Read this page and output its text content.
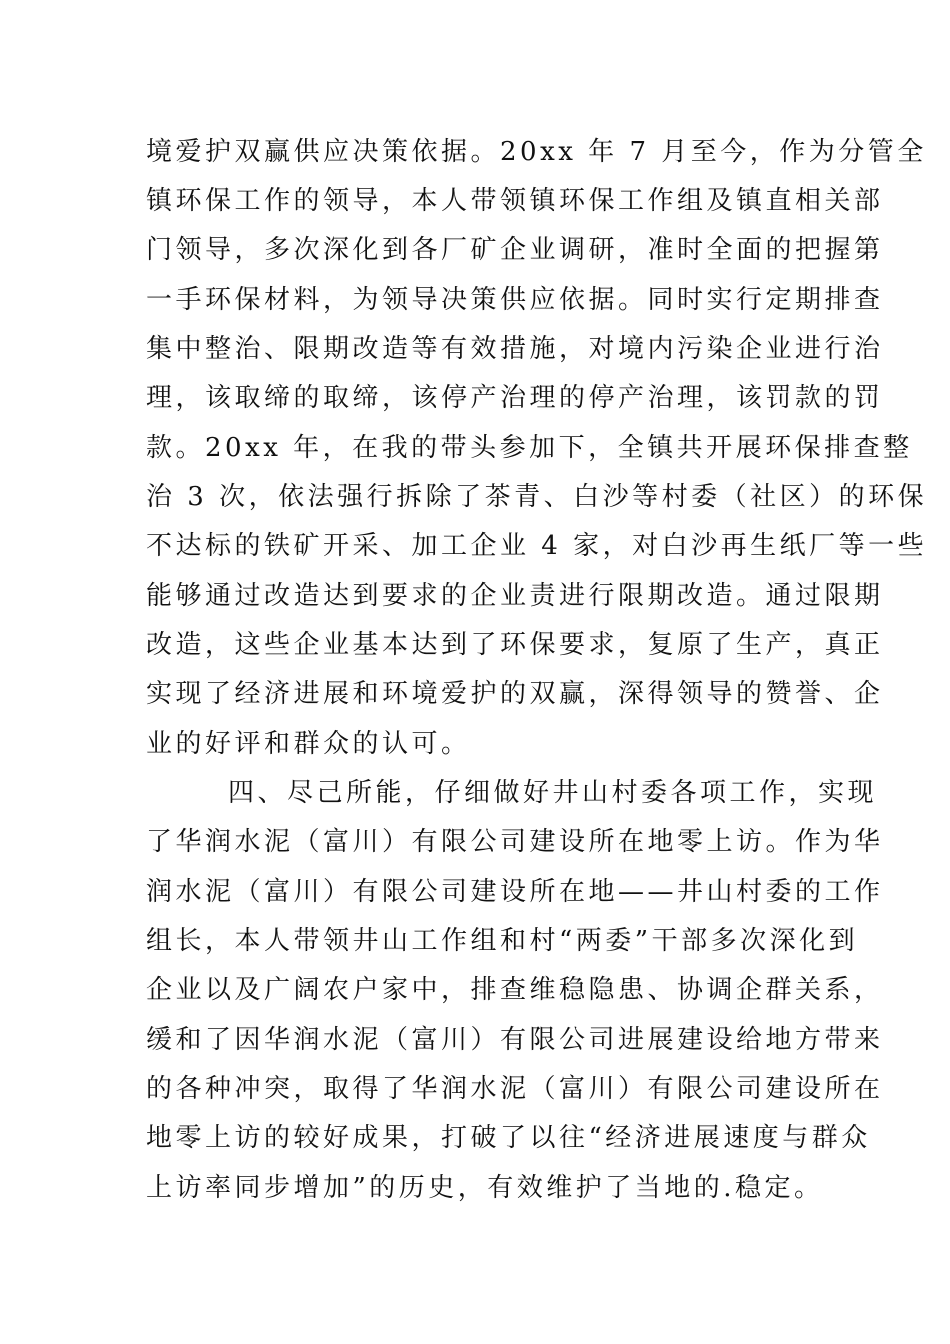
境爱护双赢供应决策依据。20xx 年 7 月至今，作为分管全
镇环保工作的领导，本人带领镇环保工作组及镇直相关部
门领导，多次深化到各厂矿企业调研，准时全面的把握第
一手环保材料，为领导决策供应依据。同时实行定期排查
集中整治、限期改造等有效措施，对境内污染企业进行治
理，该取缔的取缔，该停产治理的停产治理，该罚款的罚
款。20xx 年，在我的带头参加下，全镇共开展环保排查整
治 3 次，依法强行拆除了茶青、白沙等村委（社区）的环保
不达标的铁矿开采、加工企业 4 家，对白沙再生纸厂等一些
能够通过改造达到要求的企业责进行限期改造。通过限期
改造，这些企业基本达到了环保要求，复原了生产，真正
实现了经济进展和环境爱护的双赢，深得领导的赞誉、企
业的好评和群众的认可。
四、尽己所能，仔细做好井山村委各项工作，实现
了华润水泥（富川）有限公司建设所在地零上访。作为华
润水泥（富川）有限公司建设所在地——井山村委的工作
组长，本人带领井山工作组和村“两委”干部多次深化到
企业以及广阔农户家中，排查维稳隐患、协调企群关系，
缓和了因华润水泥（富川）有限公司进展建设给地方带来
的各种冲突，取得了华润水泥（富川）有限公司建设所在
地零上访的较好成果，打破了以往“经济进展速度与群众
上访率同步增加”的历史，有效维护了当地的.稳定。
